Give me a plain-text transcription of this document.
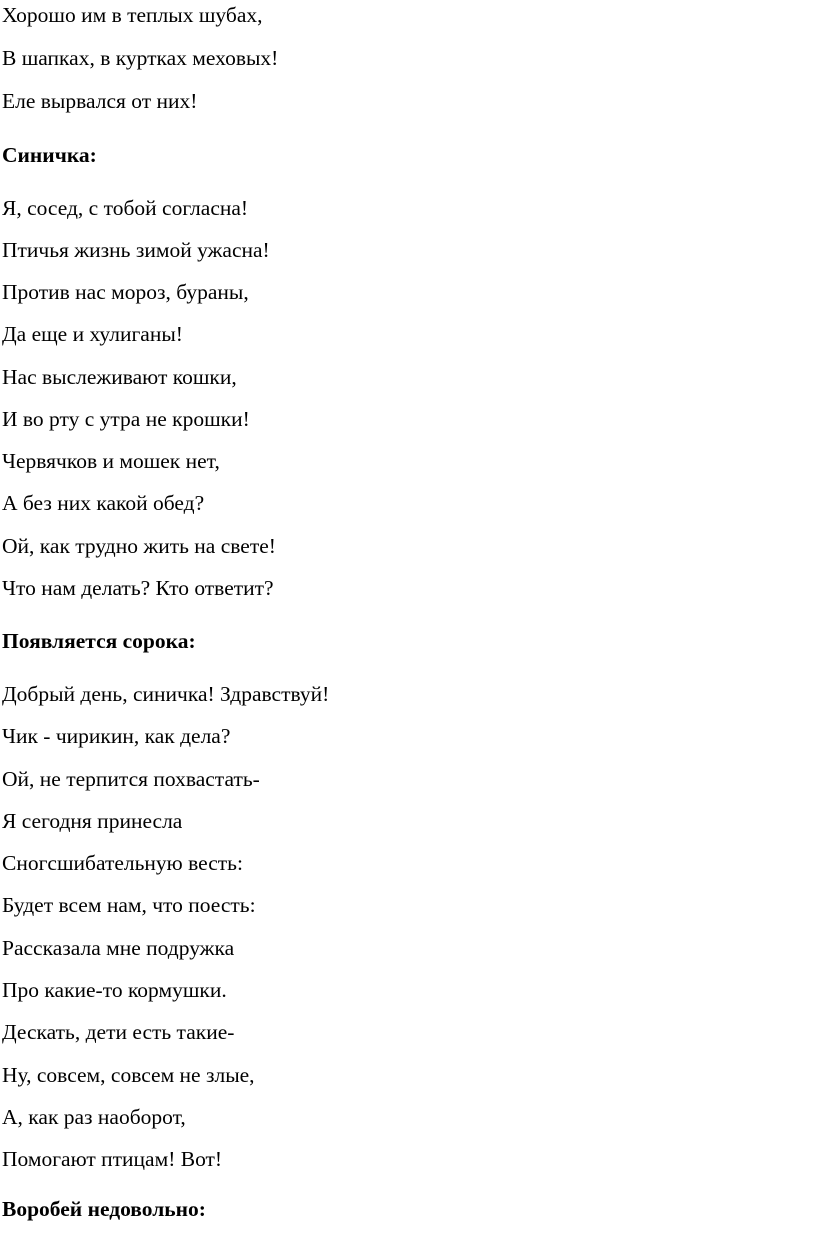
Хорошо им в теплых шубах,

В шапках, в куртках меховых!

Еле вырвался от них!

Синичка:

Я, сосед, с тобой согласна!

Птичья жизнь зимой ужасна!

Против нас мороз, бураны,

Да еще и хулиганы!

Нас выслеживают кошки,

И во рту с утра не крошки!

Червячков и мошек нет,

А без них какой обед?

Ой, как трудно жить на свете!

Что нам делать? Кто ответит?

Появляется сорока:

Добрый день, синичка! Здравствуй!

Чик - чирикин, как дела?

Ой, не терпится похвастать-

Я сегодня принесла

Сногсшибательную весть:

Будет всем нам, что поесть:

Рассказала мне подружка

Про какие-то кормушки.

Дескать, дети есть такие-

Ну, совсем, совсем не злые,

А, как раз наоборот,

Помогают птицам! Вот!

Воробей недовольно:
